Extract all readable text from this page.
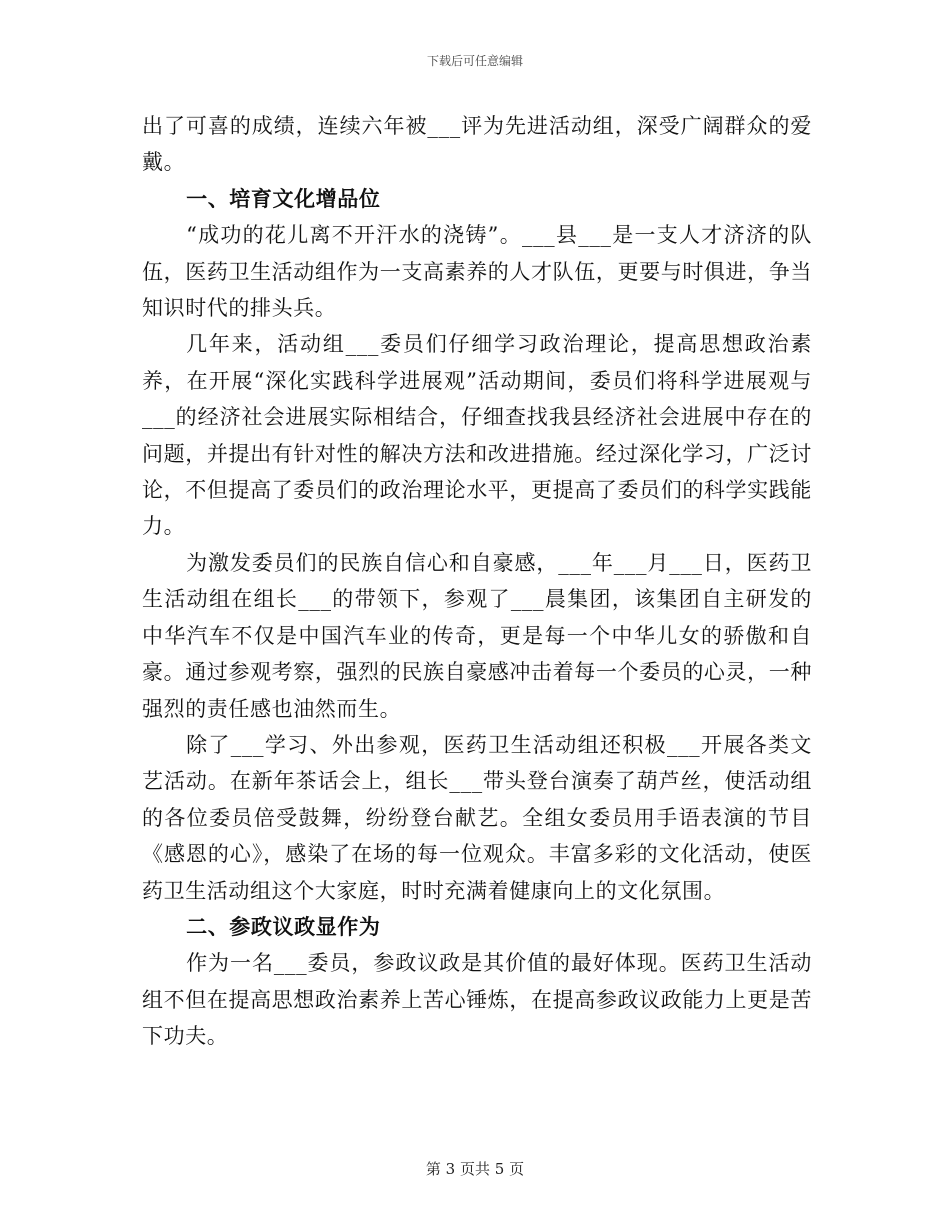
下载后可任意编辑

出了可喜的成绩，连续六年被___评为先进活动组，深受广阔群众的爱戴。

一、培育文化增品位

“成功的花儿离不开汗水的浇铸”。___县___是一支人才济济的队伍，医药卫生活动组作为一支高素养的人才队伍，更要与时俱进，争当知识时代的排头兵。

几年来，活动组___委员们仔细学习政治理论，提高思想政治素养，在开展“深化实践科学进展观”活动期间，委员们将科学进展观与___的经济社会进展实际相结合，仔细查找我县经济社会进展中存在的问题，并提出有针对性的解决方法和改进措施。经过深化学习，广泛讨论，不但提高了委员们的政治理论水平，更提高了委员们的科学实践能力。

为激发委员们的民族自信心和自豪感，___年___月___日，医药卫生活动组在组长___的带领下，参观了___晨集团，该集团自主研发的中华汽车不仅是中国汽车业的传奇，更是每一个中华儿女的骄傲和自豪。通过参观考察，强烈的民族自豪感冲击着每一个委员的心灵，一种强烈的责任感也油然而生。

除了___学习、外出参观，医药卫生活动组还积极___开展各类文艺活动。在新年茶话会上，组长___带头登台演奏了葫芦丝，使活动组的各位委员倍受鼓舞，纷纷登台献艺。全组女委员用手语表演的节目《感恩的心》，感染了在场的每一位观众。丰富多彩的文化活动，使医药卫生活动组这个大家庭，时时充满着健康向上的文化氛围。

二、参政议政显作为

作为一名___委员，参政议政是其价值的最好体现。医药卫生活动组不但在提高思想政治素养上苦心锤炼，在提高参政议政能力上更是苦下功夫。

第 3 页共 5 页
